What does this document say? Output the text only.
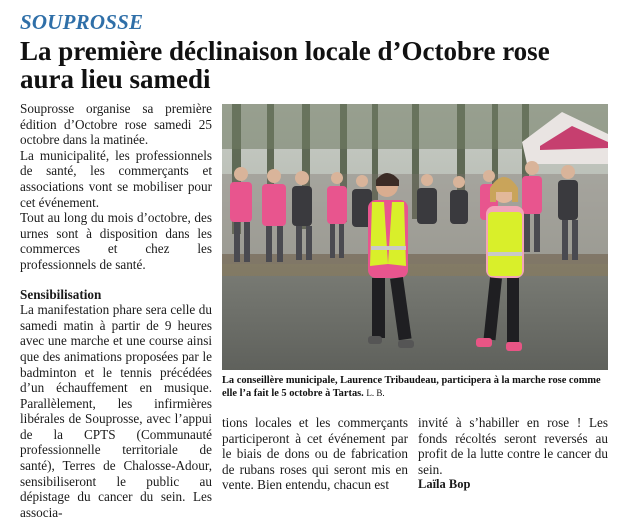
SOUPROSSE
La première déclinaison locale d’Octobre rose aura lieu samedi

Souprosse organise sa première édition d’Octobre rose samedi 25 octobre dans la matinée.

La municipalité, les professionnels de santé, les commerçants et associations vont se mobiliser pour cet événement.

Tout au long du mois d’octobre, des urnes sont à disposition dans les commerces et chez les professionnels de santé.

Sensibilisation

La manifestation phare sera celle du samedi matin à partir de 9 heures avec une marche et une course ainsi que des animations proposées par le badminton et le tennis précédées d’un échauffement en musique. Parallèlement, les infirmières libérales de Souprosse, avec l’appui de la CPTS (Communauté professionnelle territoriale de santé), Terres de Chalosse-Adour, sensibiliseront le public au dépistage du cancer du sein. Les associa-

La conseillère municipale, Laurence Tribaudeau, participera à la marche rose comme elle l’a fait le 5 octobre à Tartas. L. B.

tions locales et les commerçants participeront à cet événement par le biais de dons ou de fabrication de rubans roses qui seront mis en vente. Bien entendu, chacun est

invité à s’habiller en rose ! Les fonds récoltés seront reversés au profit de la lutte contre le cancer du sein.

Laïla Bop
